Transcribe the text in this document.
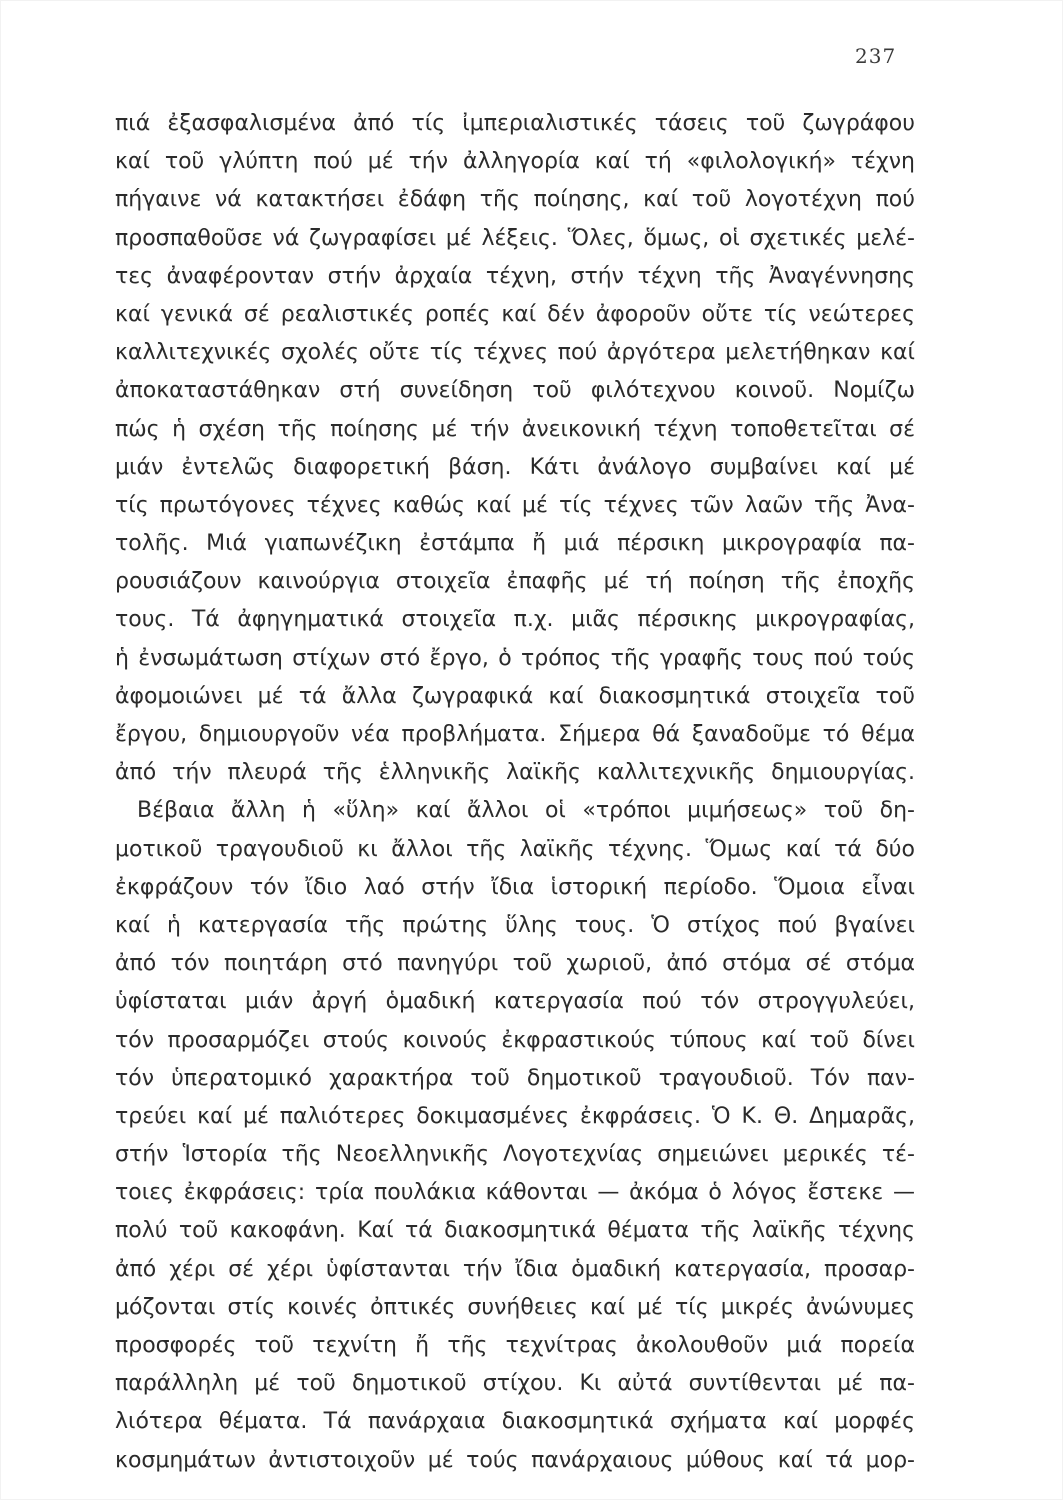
237
πιά ἐξασφαλισμένα ἀπό τίς ἰμπεριαλιστικές τάσεις τοῦ ζωγράφου
καί τοῦ γλύπτη πού μέ τήν ἀλληγορία καί τή «φιλολογική» τέχνη
πήγαινε νά κατακτήσει ἐδάφη τῆς ποίησης, καί τοῦ λογοτέχνη πού
προσπαθοῦσε νά ζωγραφίσει μέ λέξεις. Ὅλες, ὅμως, οἱ σχετικές μελέ-
τες ἀναφέρονταν στήν ἀρχαία τέχνη, στήν τέχνη τῆς Ἀναγέννησης
καί γενικά σέ ρεαλιστικές ροπές καί δέν ἀφοροῦν οὔτε τίς νεώτερες
καλλιτεχνικές σχολές οὔτε τίς τέχνες πού ἀργότερα μελετήθηκαν καί
ἀποκαταστάθηκαν στή συνείδηση τοῦ φιλότεχνου κοινοῦ. Νομίζω
πώς ἡ σχέση τῆς ποίησης μέ τήν ἀνεικονική τέχνη τοποθετεῖται σέ
μιάν ἐντελῶς διαφορετική βάση. Κάτι ἀνάλογο συμβαίνει καί μέ
τίς πρωτόγονες τέχνες καθώς καί μέ τίς τέχνες τῶν λαῶν τῆς Ἀνα-
τολῆς. Μιά γιαπωνέζικη ἐστάμπα ἤ μιά πέρσικη μικρογραφία πα-
ρουσιάζουν καινούργια στοιχεῖα ἐπαφῆς μέ τή ποίηση τῆς ἐποχῆς
τους. Τά ἀφηγηματικά στοιχεῖα π.χ. μιᾶς πέρσικης μικρογραφίας,
ἡ ἐνσωμάτωση στίχων στό ἔργο, ὁ τρόπος τῆς γραφῆς τους πού τούς
ἀφομοιώνει μέ τά ἄλλα ζωγραφικά καί διακοσμητικά στοιχεῖα τοῦ
ἔργου, δημιουργοῦν νέα προβλήματα. Σήμερα θά ξαναδοῦμε τό θέμα
ἀπό τήν πλευρά τῆς ἑλληνικῆς λαϊκῆς καλλιτεχνικῆς δημιουργίας.
Βέβαια ἄλλη ἡ «ὕλη» καί ἄλλοι οἱ «τρόποι μιμήσεως» τοῦ δη-
μοτικοῦ τραγουδιοῦ κι ἄλλοι τῆς λαϊκῆς τέχνης. Ὅμως καί τά δύο
ἐκφράζουν τόν ἴδιο λαό στήν ἴδια ἱστορική περίοδο. Ὅμοια εἶναι
καί ἡ κατεργασία τῆς πρώτης ὕλης τους. Ὁ στίχος πού βγαίνει
ἀπό τόν ποιητάρη στό πανηγύρι τοῦ χωριοῦ, ἀπό στόμα σέ στόμα
ὑφίσταται μιάν ἀργή ὁμαδική κατεργασία πού τόν στρογγυλεύει,
τόν προσαρμόζει στούς κοινούς ἐκφραστικούς τύπους καί τοῦ δίνει
τόν ὑπερατομικό χαρακτήρα τοῦ δημοτικοῦ τραγουδιοῦ. Τόν παν-
τρεύει καί μέ παλιότερες δοκιμασμένες ἐκφράσεις. Ὁ Κ. Θ. Δημαρᾶς,
στήν Ἱστορία τῆς Νεοελληνικῆς Λογοτεχνίας σημειώνει μερικές τέ-
τοιες ἐκφράσεις: τρία πουλάκια κάθονται — ἀκόμα ὁ λόγος ἔστεκε —
πολύ τοῦ κακοφάνη. Καί τά διακοσμητικά θέματα τῆς λαϊκῆς τέχνης
ἀπό χέρι σέ χέρι ὑφίστανται τήν ἴδια ὁμαδική κατεργασία, προσαρ-
μόζονται στίς κοινές ὀπτικές συνήθειες καί μέ τίς μικρές ἀνώνυμες
προσφορές τοῦ τεχνίτη ἤ τῆς τεχνίτρας ἀκολουθοῦν μιά πορεία
παράλληλη μέ τοῦ δημοτικοῦ στίχου. Κι αὐτά συντίθενται μέ πα-
λιότερα θέματα. Τά πανάρχαια διακοσμητικά σχήματα καί μορφές
κοσμημάτων ἀντιστοιχοῦν μέ τούς πανάρχαιους μύθους καί τά μορ-
